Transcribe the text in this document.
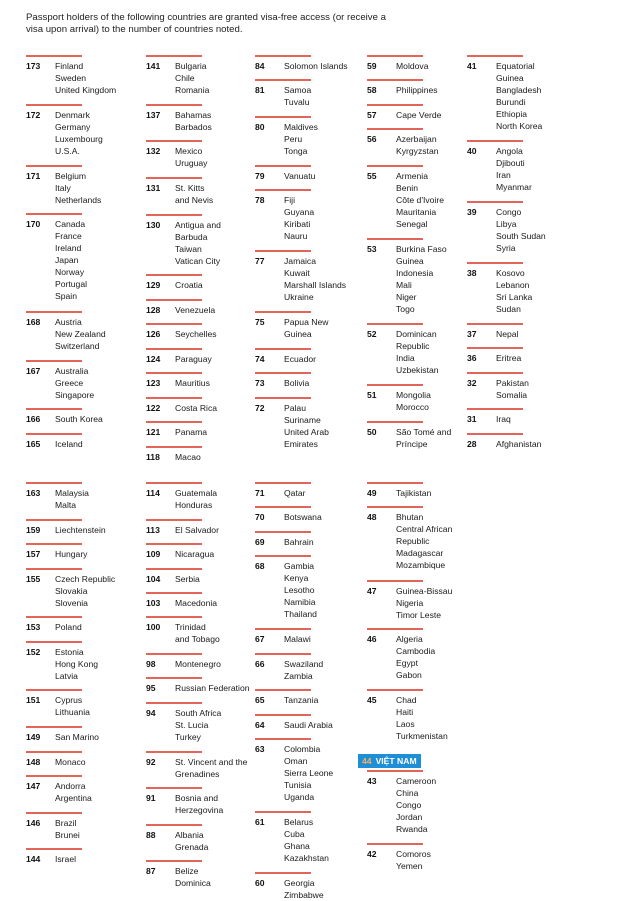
Passport holders of the following countries are granted visa-free access (or receive a visa upon arrival) to the number of countries noted.
173	Finland
Sweden
United Kingdom
172	Denmark
Germany
Luxembourg
U.S.A.
171	Belgium
Italy
Netherlands
170	Canada
France
Ireland
Japan
Norway
Portugal
Spain
168	Austria
New Zealand
Switzerland
167	Australia
Greece
Singapore
166	South Korea
165	Iceland
141	Bulgaria
Chile
Romania
137	Bahamas
Barbados
132	Mexico
Uruguay
131	St. Kitts
and Nevis
130	Antigua and
Barbuda
Taiwan
Vatican City
129	Croatia
128	Venezuela
126	Seychelles
124	Paraguay
123	Mauritius
122	Costa Rica
121	Panama
118	Macao
84	Solomon Islands
81	Samoa
Tuvalu
80	Maldives
Peru
Tonga
79	Vanuatu
78	Fiji
Guyana
Kiribati
Nauru
77	Jamaica
Kuwait
Marshall Islands
Ukraine
75	Papua New
Guinea
74	Ecuador
73	Bolivia
72	Palau
Suriname
United Arab
Emirates
59	Moldova
58	Philippines
57	Cape Verde
56	Azerbaijan
Kyrgyzstan
55	Armenia
Benin
Côte d'Ivoire
Mauritania
Senegal
53	Burkina Faso
Guinea
Indonesia
Mali
Niger
Togo
52	Dominican
Republic
India
Uzbekistan
51	Mongolia
Morocco
50	São Tomé and
Príncipe
41	Equatorial
Guinea
Bangladesh
Burundi
Ethiopia
North Korea
40	Angola
Djibouti
Iran
Myanmar
39	Congo
Libya
South Sudan
Syria
38	Kosovo
Lebanon
Sri Lanka
Sudan
37	Nepal
36	Eritrea
32	Pakistan
Somalia
31	Iraq
28	Afghanistan
163	Malaysia
Malta
159	Liechtenstein
157	Hungary
155	Czech Republic
Slovakia
Slovenia
153	Poland
152	Estonia
Hong Kong
Latvia
151	Cyprus
Lithuania
149	San Marino
148	Monaco
147	Andorra
Argentina
146	Brazil
Brunei
144	Israel
114	Guatemala
Honduras
113	El Salvador
109	Nicaragua
104	Serbia
103	Macedonia
100	Trinidad
and Tobago
98	Montenegro
95	Russian Federation
94	South Africa
St. Lucia
Turkey
92	St. Vincent and the
Grenadines
91	Bosnia and
Herzegovina
88	Albania
Grenada
87	Belize
Dominica
71	Qatar
70	Botswana
69	Bahrain
68	Gambia
Kenya
Lesotho
Namibia
Thailand
67	Malawi
66	Swaziland
Zambia
65	Tanzania
64	Saudi Arabia
63	Colombia
Oman
Sierra Leone
Tunisia
Uganda
61	Belarus
Cuba
Ghana
Kazakhstan
60	Georgia
Zimbabwe
49	Tajikistan
48	Bhutan
Central African
Republic
Madagascar
Mozambique
47	Guinea-Bissau
Nigeria
Timor Leste
46	Algeria
Cambodia
Egypt
Gabon
45	Chad
Haiti
Laos
Turkmenistan
43	Cameroon
China
Congo
Jordan
Rwanda
42	Comoros
Yemen
44 VIỆT NAM
